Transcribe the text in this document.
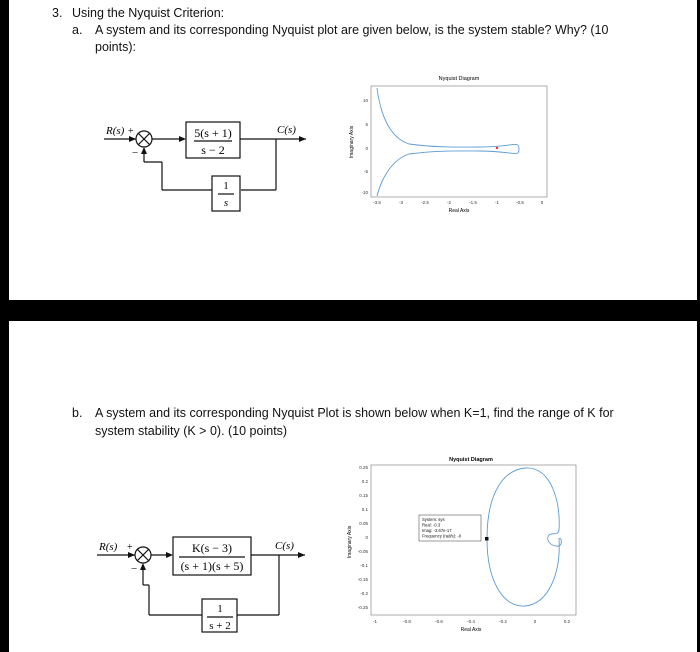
3. Using the Nyquist Criterion:
a. A system and its corresponding Nyquist plot are given below, is the system stable? Why? (10
points):
R(s) +
−
5(s + 1)
s − 2
C(s)
1
s
Nyquist Diagram
10
5
0
-5
-10
-3.5	-3	-2.5	-2	-1.5	-1	-0.5	0
Real Axis
Imaginary Axis
b. A system and its corresponding Nyquist Plot is shown below when K=1, find the range of K for
system stability (K > 0). (10 points)
R(s) +
−
K(s − 3)
(s + 1)(s + 5)
C(s)
1
s + 2
Nyquist Diagram
0.25
0.2
0.15
0.1
0.05
0
-0.05
-0.1
-0.15
-0.2
-0.25
-1	-0.8	-0.6	-0.4	-0.2	0	0.2
Real Axis
Imaginary Axis
System: sys
Real: -0.3
Imag: -3.67e-17
Frequency (rad/s): -0
